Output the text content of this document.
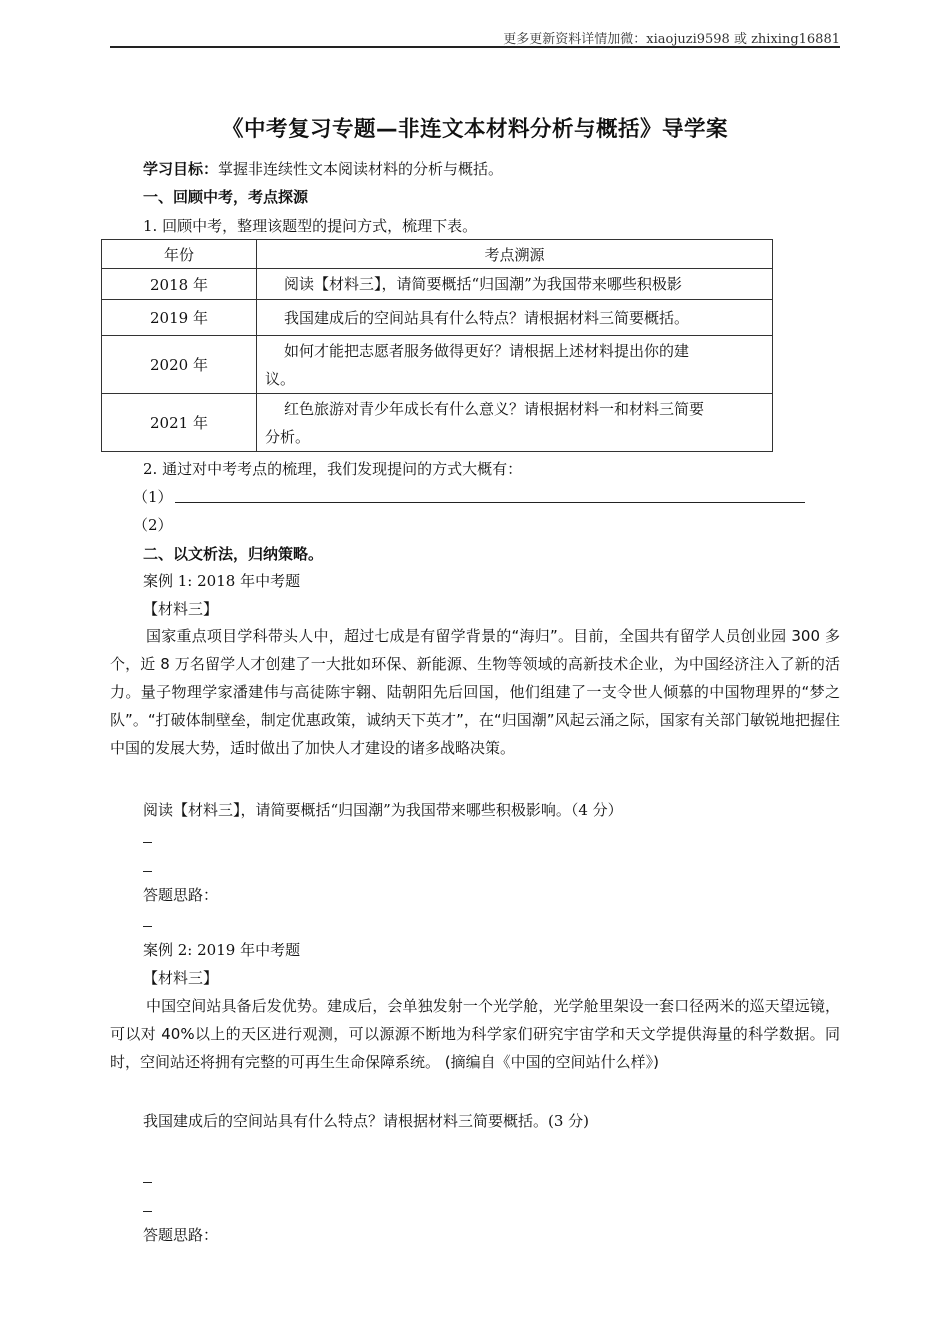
更多更新资料详情加微：xiaojuzi9598 或 zhixing16881
《中考复习专题—非连文本材料分析与概括》导学案
学习目标：掌握非连续性文本阅读材料的分析与概括。
一、回顾中考，考点探源
1. 回顾中考，整理该题型的提问方式，梳理下表。
年份	考点溯源
2018 年	阅读【材料三】，请简要概括“归国潮”为我国带来哪些积极影

2019 年	我国建成后的空间站具有什么特点？请根据材料三简要概括。

2020 年	如何才能把志愿者服务做得更好？请根据上述材料提出你的建
议。

2021 年	红色旅游对青少年成长有什么意义？请根据材料一和材料三简要
分析。
2. 通过对中考考点的梳理，我们发现提问的方式大概有：
（1）
（2）
二、以文析法，归纳策略。
案例 1: 2018 年中考题
【材料三】
国家重点项目学科带头人中，超过七成是有留学背景的“海归”。目前，全国共有留学人员创业园 300 多个，近 8 万名留学人才创建了一大批如环保、新能源、生物等领域的高新技术企业，为中国经济注入了新的活力。量子物理学家潘建伟与高徒陈宇翱、陆朝阳先后回国，他们组建了一支令世人倾慕的中国物理界的“梦之队”。“打破体制壁垒，制定优惠政策，诚纳天下英才”，在“归国潮”风起云涌之际，国家有关部门敏锐地把握住中国的发展大势，适时做出了加快人才建设的诸多战略决策。
阅读【材料三】，请简要概括“归国潮”为我国带来哪些积极影响。（4 分）
答题思路：
案例 2: 2019 年中考题
【材料三】
中国空间站具备后发优势。建成后，会单独发射一个光学舱，光学舱里架设一套口径两米的巡天望远镜，可以对 40%以上的天区进行观测，可以源源不断地为科学家们研究宇宙学和天文学提供海量的科学数据。同时，空间站还将拥有完整的可再生生命保障系统。 (摘编自《中国的空间站什么样》)
我国建成后的空间站具有什么特点？请根据材料三简要概括。(3 分)
答题思路：
